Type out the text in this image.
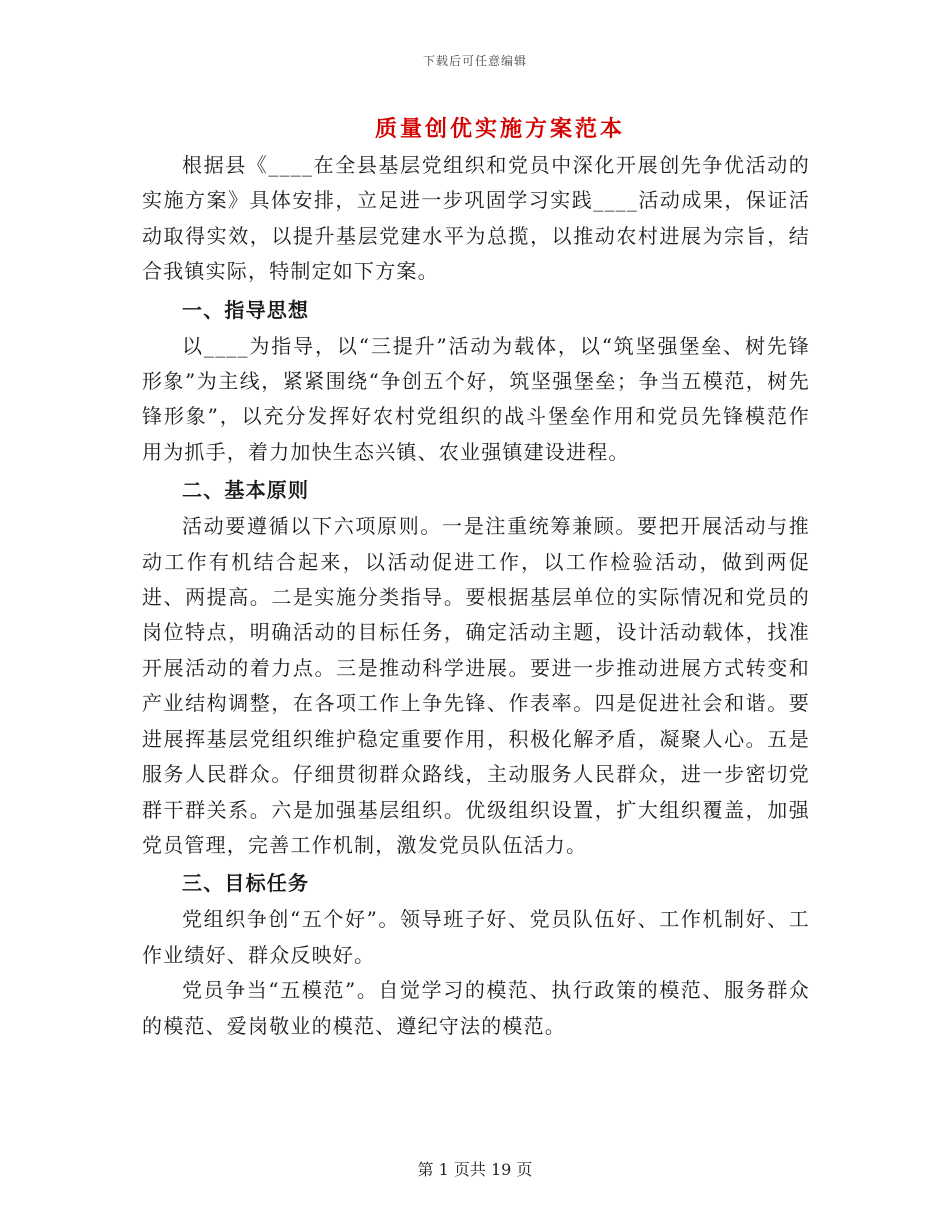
下载后可任意编辑
质量创优实施方案范本

根据县《____在全县基层党组织和党员中深化开展创先争优活动的实施方案》具体安排，立足进一步巩固学习实践____活动成果，保证活动取得实效，以提升基层党建水平为总揽，以推动农村进展为宗旨，结合我镇实际，特制定如下方案。

一、指导思想

以____为指导，以“三提升”活动为载体，以“筑坚强堡垒、树先锋形象”为主线，紧紧围绕“争创五个好，筑坚强堡垒；争当五模范，树先锋形象”，以充分发挥好农村党组织的战斗堡垒作用和党员先锋模范作用为抓手，着力加快生态兴镇、农业强镇建设进程。

二、基本原则

活动要遵循以下六项原则。一是注重统筹兼顾。要把开展活动与推动工作有机结合起来，以活动促进工作，以工作检验活动，做到两促进、两提高。二是实施分类指导。要根据基层单位的实际情况和党员的岗位特点，明确活动的目标任务，确定活动主题，设计活动载体，找准开展活动的着力点。三是推动科学进展。要进一步推动进展方式转变和产业结构调整，在各项工作上争先锋、作表率。四是促进社会和谐。要进展挥基层党组织维护稳定重要作用，积极化解矛盾，凝聚人心。五是服务人民群众。仔细贯彻群众路线，主动服务人民群众，进一步密切党群干群关系。六是加强基层组织。优级组织设置，扩大组织覆盖，加强党员管理，完善工作机制，激发党员队伍活力。

三、目标任务

党组织争创“五个好”。领导班子好、党员队伍好、工作机制好、工作业绩好、群众反映好。

党员争当“五模范”。自觉学习的模范、执行政策的模范、服务群众的模范、爱岗敬业的模范、遵纪守法的模范。

第 1 页共 19 页
